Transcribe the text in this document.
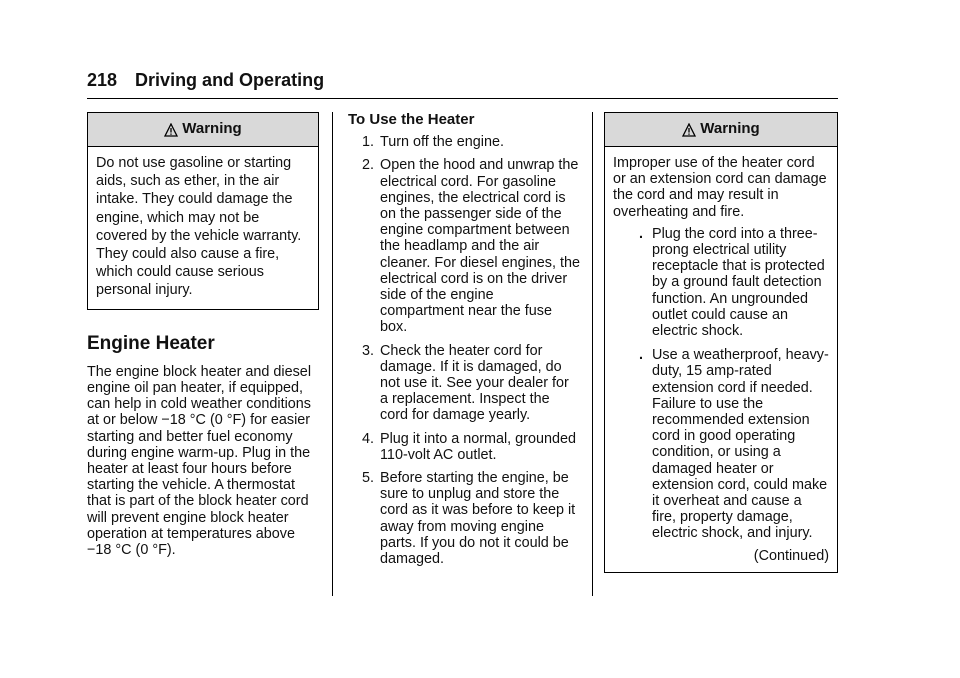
218 Driving and Operating
Warning

Do not use gasoline or starting

aids, such as ether, in the air

intake. They could damage the

engine, which may not be

covered by the vehicle warranty.

They could also cause a fire,

which could cause serious

personal injury.

Engine Heater

The engine block heater and diesel engine oil pan heater, if equipped, can help in cold weather conditions at or below −18 °C (0 °F) for easier starting and better fuel economy during engine warm-up. Plug in the heater at least four hours before starting the vehicle. A thermostat that is part of the block heater cord will prevent engine block heater operation at temperatures above −18 °C (0 °F).

To Use the Heater
1. Turn off the engine.
2. Open the hood and unwrap the electrical cord. For gasoline engines, the electrical cord is on the passenger side of the engine compartment between the headlamp and the air cleaner. For diesel engines, the electrical cord is on the driver side of the engine compartment near the fuse box.
3. Check the heater cord for damage. If it is damaged, do not use it. See your dealer for a replacement. Inspect the cord for damage yearly.
4. Plug it into a normal, grounded 110-volt AC outlet.
5. Before starting the engine, be sure to unplug and store the cord as it was before to keep it away from moving engine parts. If you do not it could be damaged.
Warning

Improper use of the heater cord or an extension cord can damage the cord and may result in overheating and fire.

. Plug the cord into a three-prong electrical utility receptacle that is protected by a ground fault detection function. An ungrounded outlet could cause an electric shock.
. Use a weatherproof, heavy-duty, 15 amp-rated extension cord if needed. Failure to use the recommended extension cord in good operating condition, or using a damaged heater or extension cord, could make it overheat and cause a fire, property damage, electric shock, and injury.
(Continued)
